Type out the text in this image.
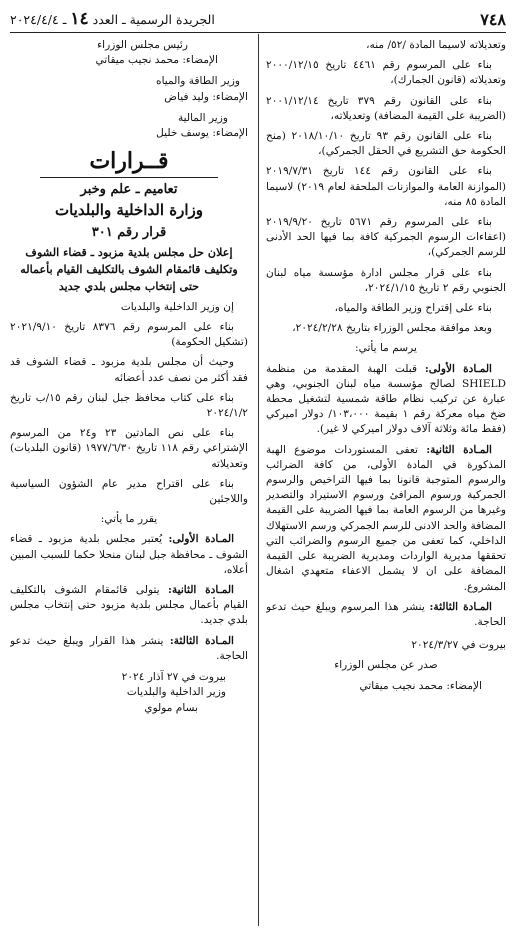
٧٤٨
الجريدة الرسمية ـ العدد
١٤
ـ ٢٠٢٤/٤/٤

وتعديلاته لاسيما المادة /٥٢/ منه،

بناء على المرسوم رقم ٤٤٦١ تاريخ ٢٠٠٠/١٢/١٥ وتعديلاته (قانون الجمارك)،

بناء على القانون رقم ٣٧٩ تاريخ ٢٠٠١/١٢/١٤ (الضريبة على القيمة المضافة) وتعديلاته،

بناء على القانون رقم ٩٣ تاريخ ٢٠١٨/١٠/١٠ (منح الحكومة حق التشريع في الحقل الجمركي)،

بناء على القانون رقم ١٤٤ تاريخ ٢٠١٩/٧/٣١ (الموازنة العامة والموازنات الملحقة لعام ٢٠١٩) لاسيما المادة ٨٥ منه،

بناء على المرسوم رقم ٥٦٧١ تاريخ ٢٠١٩/٩/٢٠ (اعفاءات الرسوم الجمركية كافة بما فيها الحد الأدنى للرسم الجمركي)،

بناء على قرار مجلس ادارة مؤسسة مياه لبنان الجنوبي رقم ٢ تاريخ ٢٠٢٤/١/١٥،

بناء على إقتراح وزير الطاقة والمياه،

وبعد موافقة مجلس الوزراء بتاريخ ٢٠٢٤/٢/٢٨،

يرسم ما يأتي:

المـادة الأولى: قبلت الهبة المقدمة من منظمة SHIELD لصالح مؤسسة مياه لبنان الجنوبي، وهي عبارة عن تركيب نظام طاقة شمسية لتشغيل محطة ضخ مياه معركة رقم ١ بقيمة ١٠٣،٠٠٠/ دولار اميركي (فقط مائة وثلاثة آلاف دولار اميركي لا غير).

المـادة الثانية: تعفى المستوردات موضوع الهبة المذكورة في المادة الأولى، من كافة الضرائب والرسوم المتوجبة قانونا بما فيها التراخيص والرسوم الجمركية ورسوم المرافئ ورسوم الاستيراد والتصدير وغيرها من الرسوم العامة بما فيها الضريبة على القيمة المضافة والحد الادنى للرسم الجمركي ورسم الاستهلاك الداخلي، كما تعفى من جميع الرسوم والضرائب التي تحققها مديرية الواردات ومديرية الضريبة على القيمة المضافة على ان لا يشمل الاعفاء متعهدي اشغال المشروع.

المـادة الثالثة: ينشر هذا المرسوم ويبلغ حيث تدعو الحاجة.

بيروت في ٢٠٢٤/٣/٢٧

صدر عن مجلس الوزراء

الإمضاء: محمد نجيب ميقاتي

رئيس مجلس الوزراء

الإمضاء: محمد نجيب ميقاتي

وزير الطاقة والمياه

الإمضاء: وليد فياض

وزير المالية

الإمضاء: يوسف خليل

قــرارات
تعاميم ـ علم وخبر
وزارة الداخلية والبلديات
قرار رقم ٣٠١
إعلان حل مجلس بلدية مزبود ـ قضاء الشوف وتكليف قائمقام الشوف بالتكليف القيام بأعماله حتى إنتخاب مجلس بلدي جديد

إن وزير الداخلية والبلديات

بناء على المرسوم رقم ٨٣٧٦ تاريخ ٢٠٢١/٩/١٠ (تشكيل الحكومة)

وحيث أن مجلس بلدية مزبود ـ قضاء الشوف قد فقد أكثر من نصف عدد أعضائه

بناء على كتاب محافظ جبل لبنان رقم ١٥/ب تاريخ ٢٠٢٤/١/٢

بناء على نص المادتين ٢٣ و٢٤ من المرسوم الإشتراعي رقم ١١٨ تاريخ ١٩٧٧/٦/٣٠ (قانون البلديات) وتعديلاته

بناء على اقتراح مدير عام الشؤون السياسية واللاجئين

يقرر ما يأتي:

المـادة الأولى: يُعتبر مجلس بلدية مزبود ـ قضاء الشوف ـ محافظة جبل لبنان منحلا حكما للسبب المبين أعلاه،

المـادة الثانية: يتولى قائمقام الشوف بالتكليف القيام بأعمال مجلس بلدية مزبود حتى إنتخاب مجلس بلدي جديد.

المـادة الثالثة: ينشر هذا القرار ويبلغ حيث تدعو الحاجة.

بيروت في ٢٧ آذار ٢٠٢٤

وزير الداخلية والبلديات

بسام مولوي
